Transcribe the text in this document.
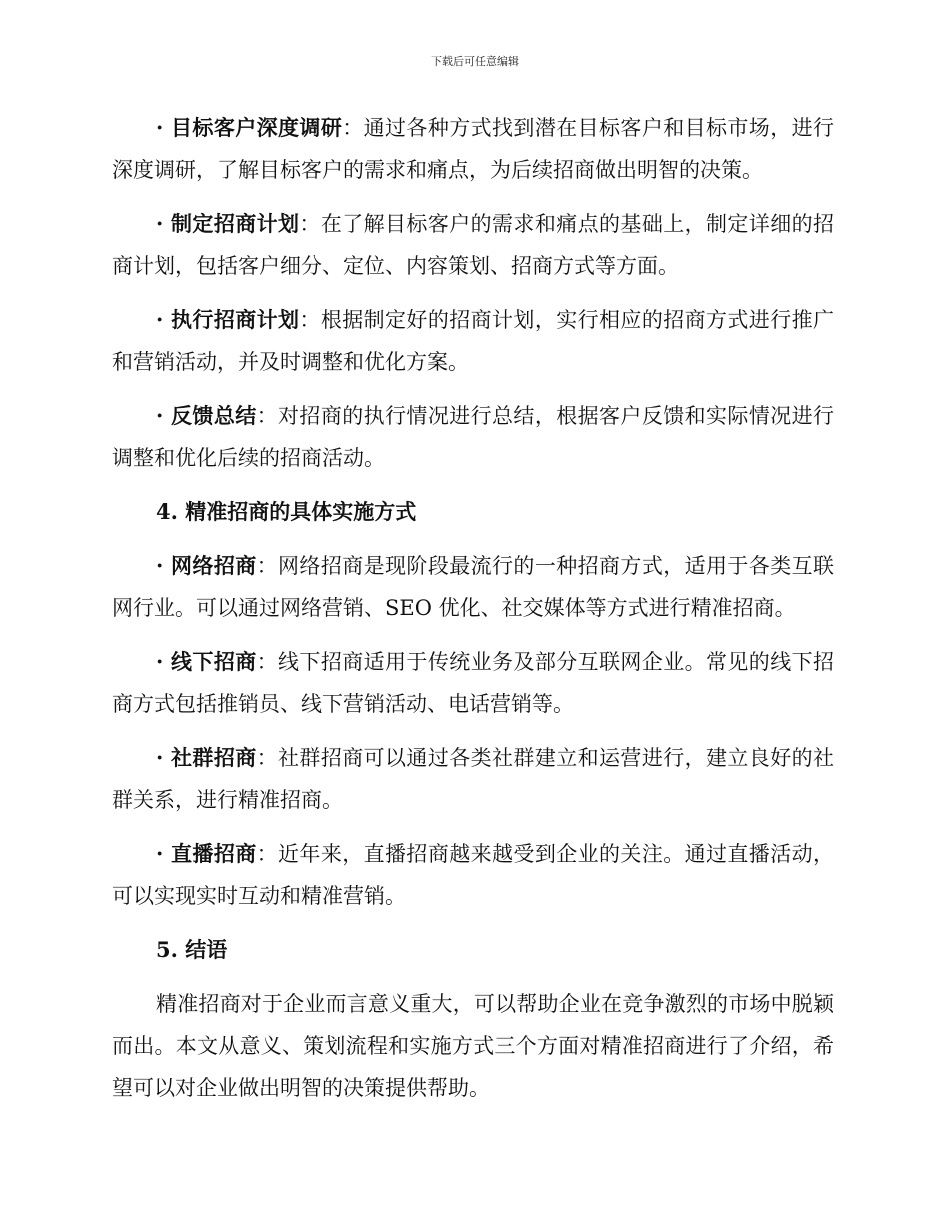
下载后可任意编辑

· 目标客户深度调研：通过各种方式找到潜在目标客户和目标市场，进行深度调研，了解目标客户的需求和痛点，为后续招商做出明智的决策。

· 制定招商计划：在了解目标客户的需求和痛点的基础上，制定详细的招商计划，包括客户细分、定位、内容策划、招商方式等方面。

· 执行招商计划：根据制定好的招商计划，实行相应的招商方式进行推广和营销活动，并及时调整和优化方案。

· 反馈总结：对招商的执行情况进行总结，根据客户反馈和实际情况进行调整和优化后续的招商活动。

4. 精准招商的具体实施方式

· 网络招商：网络招商是现阶段最流行的一种招商方式，适用于各类互联网行业。可以通过网络营销、SEO 优化、社交媒体等方式进行精准招商。

· 线下招商：线下招商适用于传统业务及部分互联网企业。常见的线下招商方式包括推销员、线下营销活动、电话营销等。

· 社群招商：社群招商可以通过各类社群建立和运营进行，建立良好的社群关系，进行精准招商。

· 直播招商：近年来，直播招商越来越受到企业的关注。通过直播活动，可以实现实时互动和精准营销。

5. 结语

精准招商对于企业而言意义重大，可以帮助企业在竞争激烈的市场中脱颖而出。本文从意义、策划流程和实施方式三个方面对精准招商进行了介绍，希望可以对企业做出明智的决策提供帮助。
